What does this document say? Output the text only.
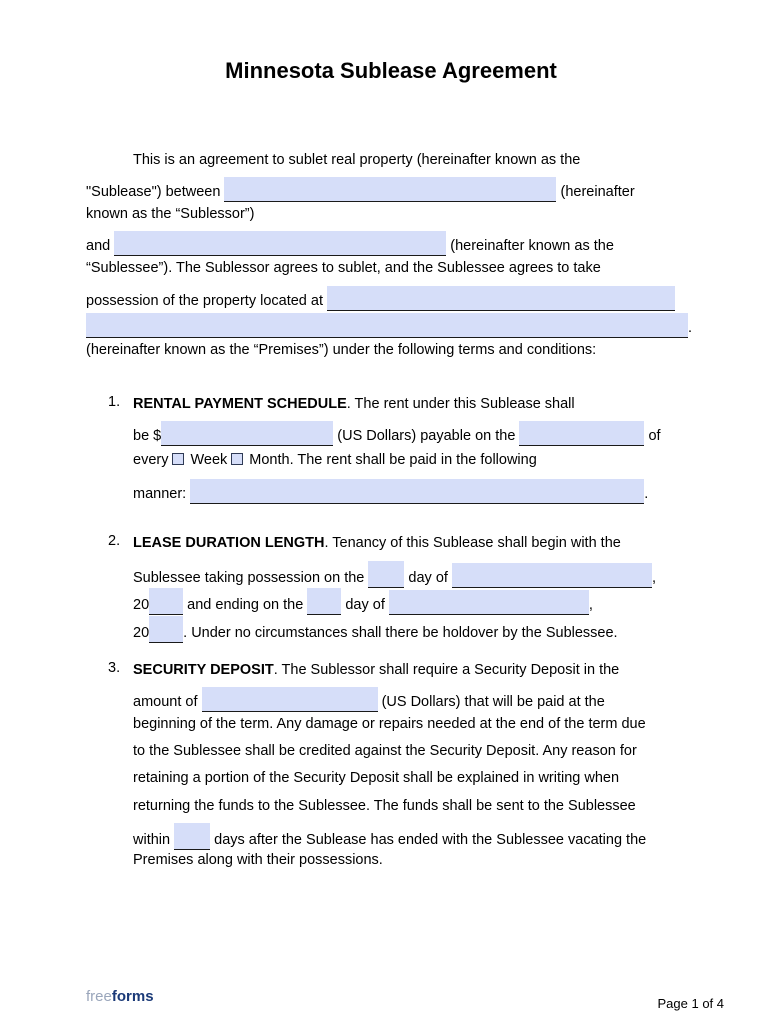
Minnesota Sublease Agreement
This is an agreement to sublet real property (hereinafter known as the
"Sublease") between	(hereinafter
known as the “Sublessor”)
and	(hereinafter known as the
“Sublessee”). The Sublessor agrees to sublet, and the Sublessee agrees to take
possession of the property located at
.
(hereinafter known as the “Premises”) under the following terms and conditions:
1. RENTAL PAYMENT SCHEDULE. The rent under this Sublease shall
be $	(US Dollars) payable on the	of
every Week Month. The rent shall be paid in the following
manner:	.
2. LEASE DURATION LENGTH. Tenancy of this Sublease shall begin with the
Sublessee taking possession on the	day of	,
20	and ending on the	day of	,
20 . Under no circumstances shall there be holdover by the Sublessee.
3. SECURITY DEPOSIT. The Sublessor shall require a Security Deposit in the
amount of	(US Dollars) that will be paid at the
beginning of the term. Any damage or repairs needed at the end of the term due
to the Sublessee shall be credited against the Security Deposit. Any reason for
retaining a portion of the Security Deposit shall be explained in writing when
returning the funds to the Sublessee. The funds shall be sent to the Sublessee
within	days after the Sublease has ended with the Sublessee vacating the
Premises along with their possessions.
freeforms	Page 1 of 4
